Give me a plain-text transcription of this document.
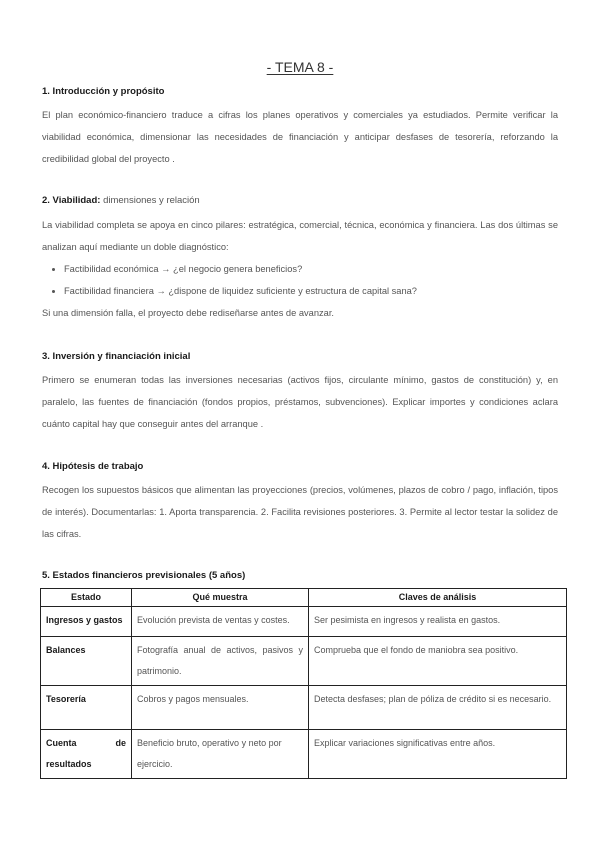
- TEMA 8 -
1. Introducción y propósito
El plan económico-financiero traduce a cifras los planes operativos y comerciales ya estudiados. Permite verificar la viabilidad económica, dimensionar las necesidades de financiación y anticipar desfases de tesorería, reforzando la credibilidad global del proyecto .
2. Viabilidad: dimensiones y relación
La viabilidad completa se apoya en cinco pilares: estratégica, comercial, técnica, económica y financiera. Las dos últimas se analizan aquí mediante un doble diagnóstico:
• Factibilidad económica → ¿el negocio genera beneficios?
• Factibilidad financiera → ¿dispone de liquidez suficiente y estructura de capital sana?
Si una dimensión falla, el proyecto debe rediseñarse antes de avanzar.
3. Inversión y financiación inicial
Primero se enumeran todas las inversiones necesarias (activos fijos, circulante mínimo, gastos de constitución) y, en paralelo, las fuentes de financiación (fondos propios, préstamos, subvenciones). Explicar importes y condiciones aclara cuánto capital hay que conseguir antes del arranque .
4. Hipótesis de trabajo
Recogen los supuestos básicos que alimentan las proyecciones (precios, volúmenes, plazos de cobro / pago, inflación, tipos de interés). Documentarlas: 1. Aporta transparencia. 2. Facilita revisiones posteriores. 3. Permite al lector testar la solidez de las cifras.
5. Estados financieros previsionales (5 años)
Estado	Qué muestra	Claves de análisis
Ingresos y gastos	Evolución prevista de ventas y costes.	Ser pesimista en ingresos y realista en gastos.
Balances	Fotografía anual de activos, pasivos y patrimonio.	Comprueba que el fondo de maniobra sea positivo.
Tesorería	Cobros y pagos mensuales.	Detecta desfases; plan de póliza de crédito si es necesario.
Cuenta de resultados	Beneficio bruto, operativo y neto por ejercicio.	Explicar variaciones significativas entre años.
